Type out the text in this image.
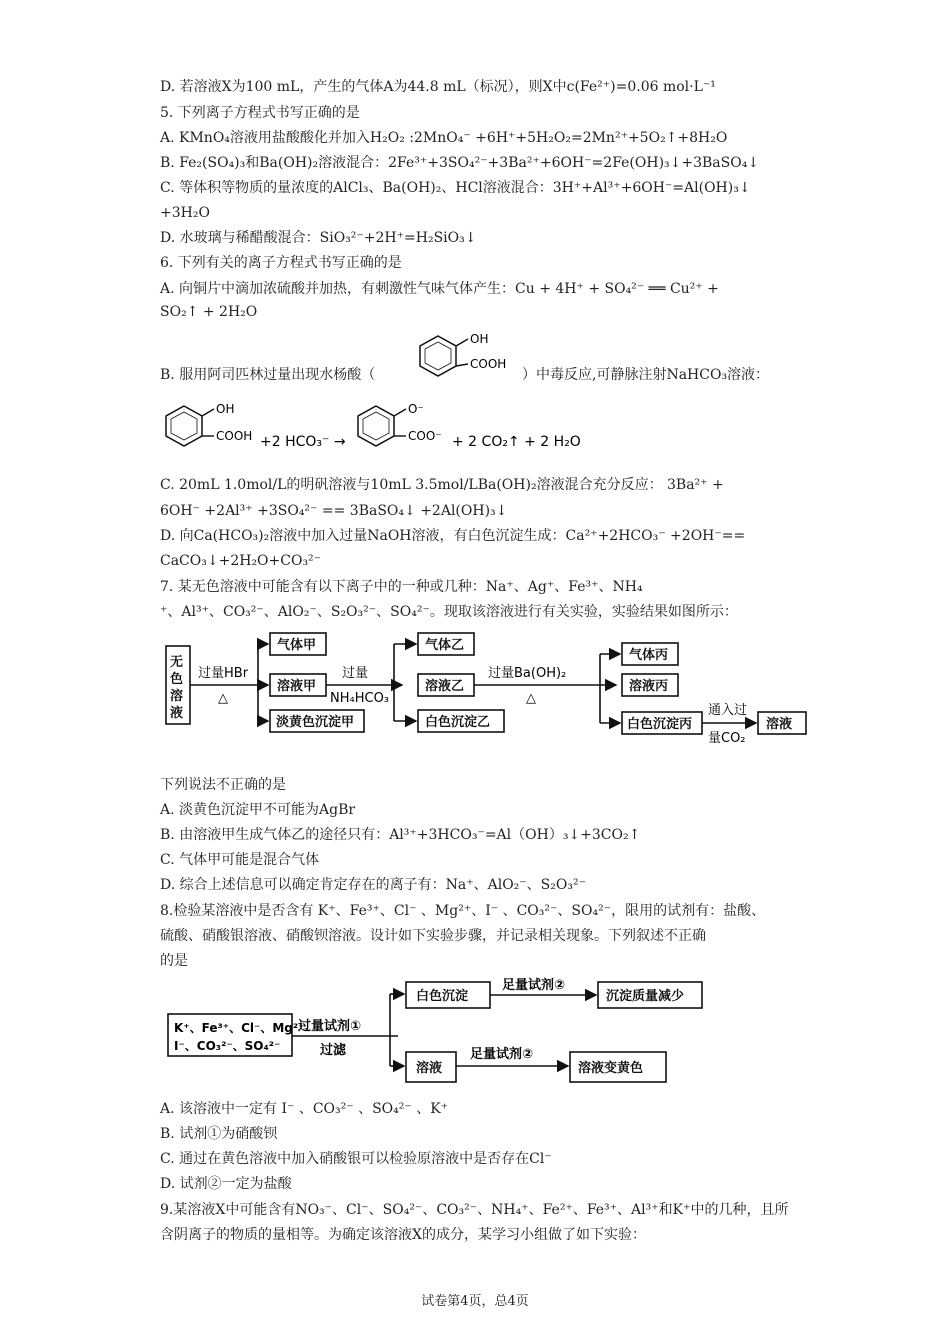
D. 若溶液X为100 mL，产生的气体A为44.8 mL（标况），则X中c(Fe²⁺)=0.06 mol·L⁻¹
5. 下列离子方程式书写正确的是
A. KMnO₄溶液用盐酸酸化并加入H₂O₂ :2MnO₄⁻ +6H⁺+5H₂O₂=2Mn²⁺+5O₂↑+8H₂O
B. Fe₂(SO₄)₃和Ba(OH)₂溶液混合：2Fe³⁺+3SO₄²⁻+3Ba²⁺+6OH⁻=2Fe(OH)₃↓+3BaSO₄↓
C. 等体积等物质的量浓度的AlCl₃、Ba(OH)₂、HCl溶液混合：3H⁺+Al³⁺+6OH⁻=Al(OH)₃↓
+3H₂O
D. 水玻璃与稀醋酸混合：SiO₃²⁻+2H⁺=H₂SiO₃↓
6. 下列有关的离子方程式书写正确的是
A. 向铜片中滴加浓硫酸并加热，有刺激性气味气体产生：Cu + 4H⁺ + SO₄²⁻ ══ Cu²⁺ +
SO₂↑ + 2H₂O
B. 服用阿司匹林过量出现水杨酸（	）中毒反应,可静脉注射NaHCO₃溶液：
OH
COOH
OH
COOH +2 HCO₃⁻ →
O⁻
COO⁻ + 2 CO₂↑ + 2 H₂O
C. 20mL 1.0mol/L的明矾溶液与10mL 3.5mol/LBa(OH)₂溶液混合充分反应： 3Ba²⁺ +
6OH⁻ +2Al³⁺ +3SO₄²⁻ == 3BaSO₄↓ +2Al(OH)₃↓
D. 向Ca(HCO₃)₂溶液中加入过量NaOH溶液，有白色沉淀生成：Ca²⁺+2HCO₃⁻ +2OH⁻==
CaCO₃↓+2H₂O+CO₃²⁻
7. 某无色溶液中可能含有以下离子中的一种或几种：Na⁺、Ag⁺、Fe³⁺、NH₄
⁺、Al³⁺、CO₃²⁻、AlO₂⁻、S₂O₃²⁻、SO₄²⁻。现取该溶液进行有关实验，实验结果如图所示：
无
色
溶
液
过量HBr
△
气体甲
溶液甲
淡黄色沉淀甲
过量
NH₄HCO₃
气体乙
溶液乙
白色沉淀乙
过量Ba(OH)₂
△
气体丙
溶液丙
白色沉淀丙
通入过
量CO₂
溶液
下列说法不正确的是
A. 淡黄色沉淀甲不可能为AgBr
B. 由溶液甲生成气体乙的途径只有：Al³⁺+3HCO₃⁻=Al（OH）₃↓+3CO₂↑
C. 气体甲可能是混合气体
D. 综合上述信息可以确定肯定存在的离子有：Na⁺、AlO₂⁻、S₂O₃²⁻
8.检验某溶液中是否含有 K⁺、Fe³⁺、Cl⁻ 、Mg²⁺、I⁻ 、CO₃²⁻、SO₄²⁻，限用的试剂有：盐酸、
硫酸、硝酸银溶液、硝酸钡溶液。设计如下实验步骤，并记录相关现象。下列叙述不正确
的是
K⁺、Fe³⁺、Cl⁻、Mg²⁺
I⁻、CO₃²⁻、SO₄²⁻
过量试剂①
过滤
白色沉淀
足量试剂②
沉淀质量减少
溶液
足量试剂②
溶液变黄色
A. 该溶液中一定有 I⁻ 、CO₃²⁻ 、SO₄²⁻ 、K⁺
B. 试剂①为硝酸钡
C. 通过在黄色溶液中加入硝酸银可以检验原溶液中是否存在Cl⁻
D. 试剂②一定为盐酸
9.某溶液X中可能含有NO₃⁻、Cl⁻、SO₄²⁻、CO₃²⁻、NH₄⁺、Fe²⁺、Fe³⁺、Al³⁺和K⁺中的几种，且所
含阴离子的物质的量相等。为确定该溶液X的成分，某学习小组做了如下实验：
试卷第4页，总4页
